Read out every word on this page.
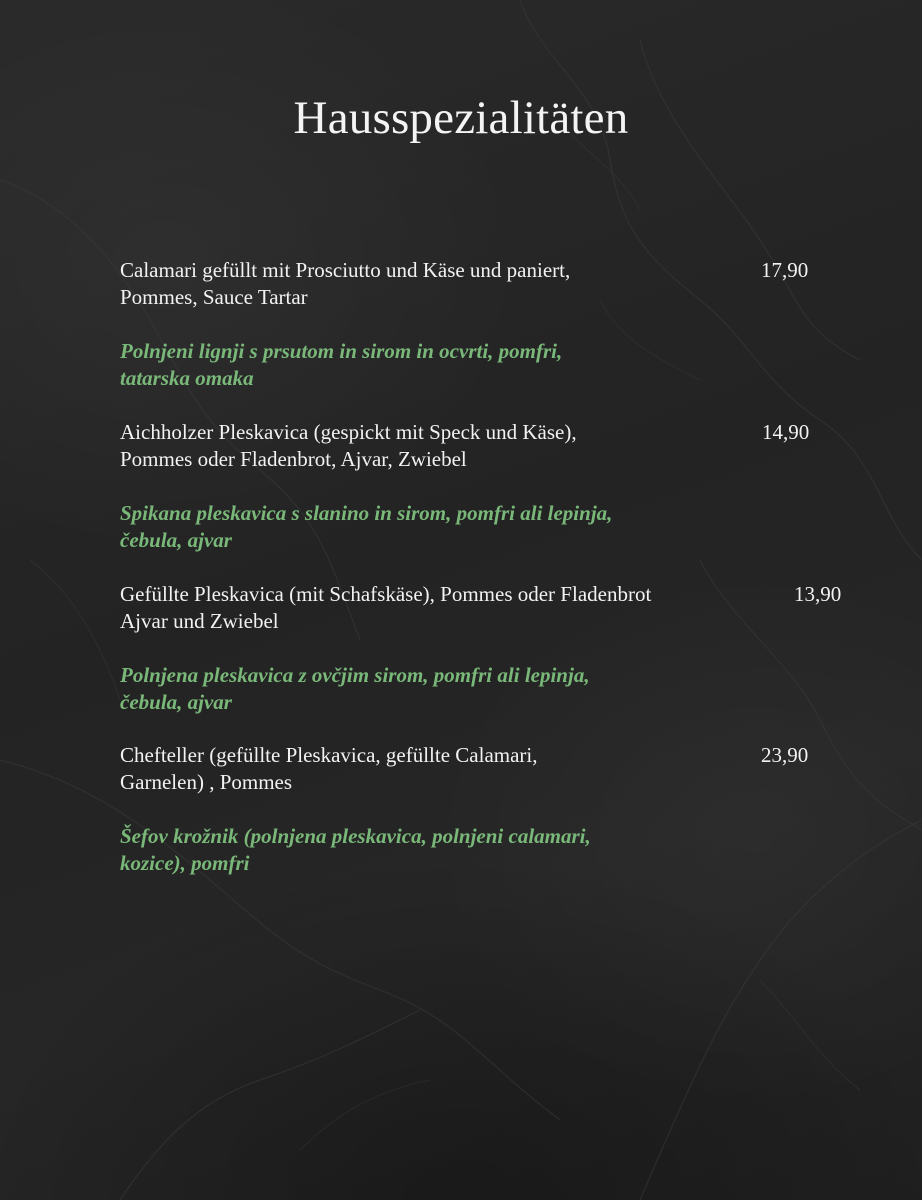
Hausspezialitäten
Calamari gefüllt mit Prosciutto und Käse und paniert,
Pommes, Sauce Tartar
17,90
Polnjeni lignji s prsutom in sirom in ocvrti, pomfri,
tatarska omaka
Aichholzer Pleskavica (gespickt mit Speck und Käse),
Pommes oder Fladenbrot, Ajvar, Zwiebel
14,90
Spikana pleskavica s slanino in sirom, pomfri ali lepinja,
čebula, ajvar
Gefüllte Pleskavica (mit Schafskäse), Pommes oder Fladenbrot
Ajvar und Zwiebel
13,90
Polnjena pleskavica z ovčjim sirom, pomfri ali lepinja,
čebula, ajvar
Chefteller (gefüllte Pleskavica, gefüllte Calamari,
Garnelen) , Pommes
23,90
Šefov krožnik (polnjena pleskavica, polnjeni calamari,
kozice), pomfri
